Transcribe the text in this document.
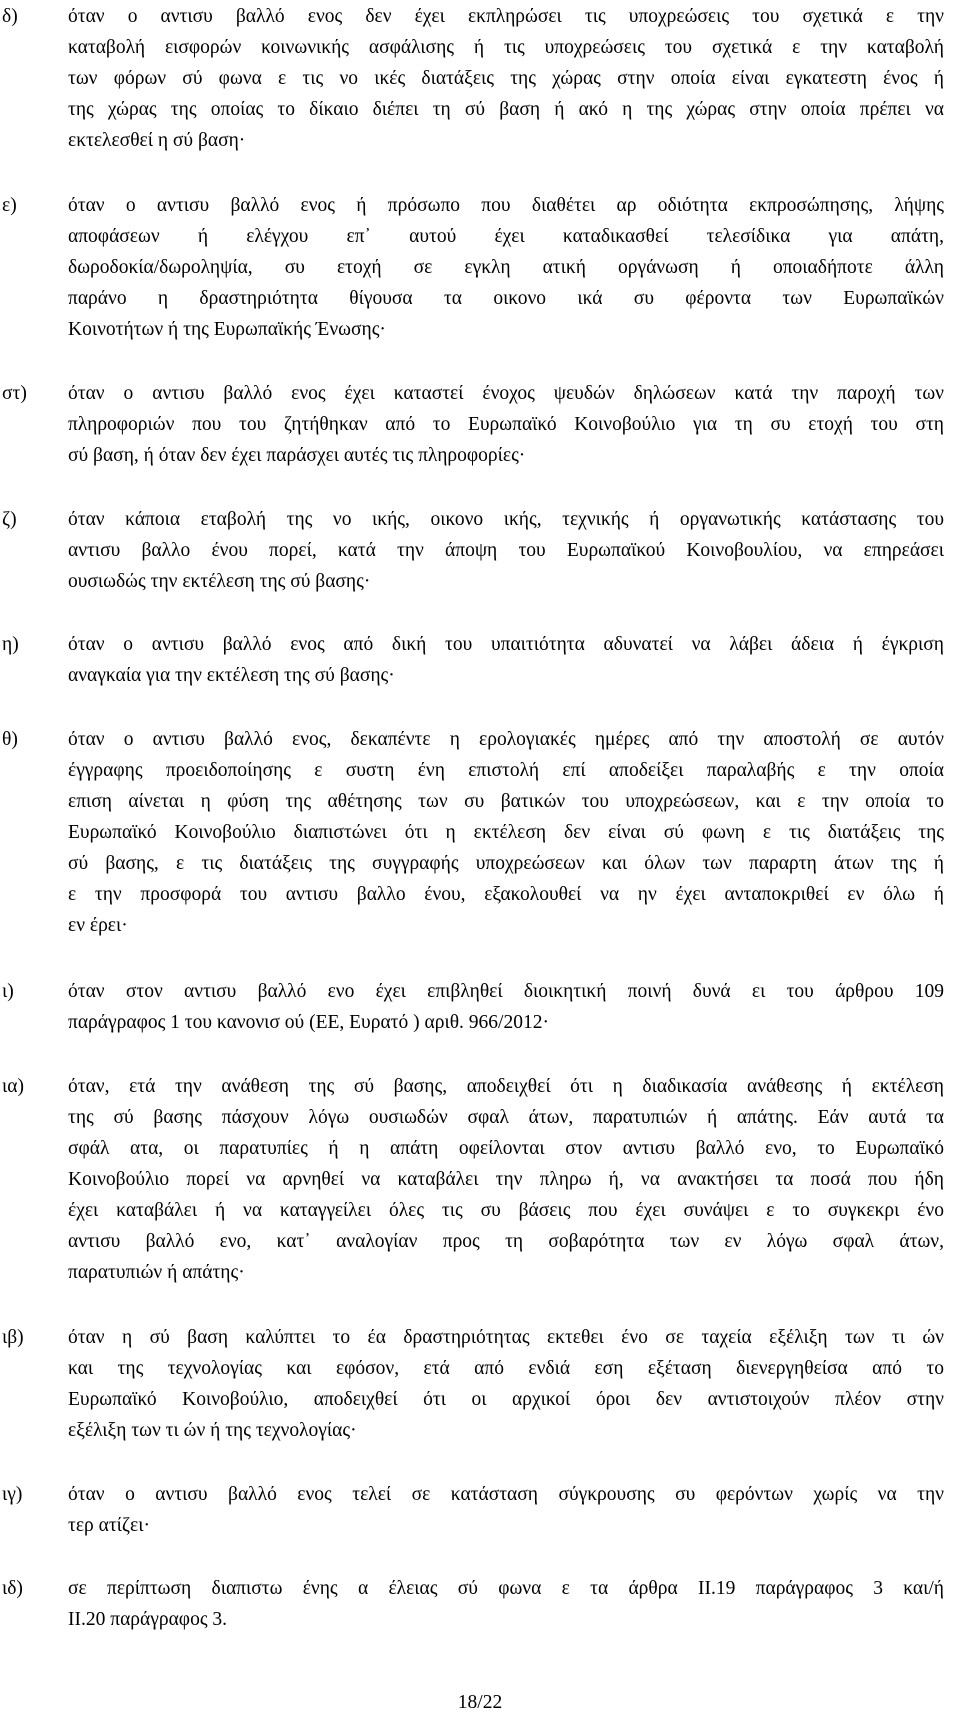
δ)	όταν ο αντισυ βαλλό ενος δεν έχει εκπληρώσει τις υποχρεώσεις του σχετικά ε την
καταβολή εισφορών κοινωνικής ασφάλισης ή τις υποχρεώσεις του σχετικά ε την καταβολή
των φόρων σύ φωνα ε τις νο ικές διατάξεις της χώρας στην οποία είναι εγκατεστη ένος ή
της χώρας της οποίας το δίκαιο διέπει τη σύ βαση ή ακό η της χώρας στην οποία πρέπει να
εκτελεσθεί η σύ βαση·
ε)	όταν ο αντισυ βαλλό ενος ή πρόσωπο που διαθέτει αρ οδιότητα εκπροσώπησης, λήψης
αποφάσεων ή ελέγχου επ᾽ αυτού έχει καταδικασθεί τελεσίδικα για απάτη,
δωροδοκία/δωροληψία, συ ετοχή σε εγκλη ατική οργάνωση ή οποιαδήποτε άλλη
παράνο η δραστηριότητα θίγουσα τα οικονο ικά συ φέροντα των Ευρωπαϊκών
Κοινοτήτων ή της Ευρωπαϊκής Ένωσης·
στ) όταν ο αντισυ βαλλό ενος έχει καταστεί ένοχος ψευδών δηλώσεων κατά την παροχή των
πληροφοριών που του ζητήθηκαν από το Ευρωπαϊκό Κοινοβούλιο για τη συ ετοχή του στη
σύ βαση, ή όταν δεν έχει παράσχει αυτές τις πληροφορίες·
ζ)	όταν κάποια εταβολή της νο ικής, οικονο ικής, τεχνικής ή οργανωτικής κατάστασης του
αντισυ βαλλο ένου πορεί, κατά την άποψη του Ευρωπαϊκού Κοινοβουλίου, να επηρεάσει
ουσιωδώς την εκτέλεση της σύ βασης·
η)	όταν ο αντισυ βαλλό ενος από δική του υπαιτιότητα αδυνατεί να λάβει άδεια ή έγκριση
αναγκαία για την εκτέλεση της σύ βασης·
θ)	όταν ο αντισυ βαλλό ενος, δεκαπέντε η ερολογιακές ημέρες από την αποστολή σε αυτόν
έγγραφης προειδοποίησης ε συστη ένη επιστολή επί αποδείξει παραλαβής ε την οποία
επιση αίνεται η φύση της αθέτησης των συ βατικών του υποχρεώσεων, και ε την οποία το
Ευρωπαϊκό Κοινοβούλιο διαπιστώνει ότι η εκτέλεση δεν είναι σύ φωνη ε τις διατάξεις της
σύ βασης, ε τις διατάξεις της συγγραφής υποχρεώσεων και όλων των παραρτη άτων της ή
ε την προσφορά του αντισυ βαλλο ένου, εξακολουθεί να ην έχει ανταποκριθεί εν όλω ή
εν έρει·
ι)	όταν στον αντισυ βαλλό ενο έχει επιβληθεί διοικητική ποινή δυνά ει του άρθρου 109
παράγραφος 1 του κανονισ ού (ΕΕ, Ευρατό ) αριθ. 966/2012·
ια) όταν, ετά την ανάθεση της σύ βασης, αποδειχθεί ότι η διαδικασία ανάθεσης ή εκτέλεση
της σύ βασης πάσχουν λόγω ουσιωδών σφαλ άτων, παρατυπιών ή απάτης. Εάν αυτά τα
σφάλ ατα, οι παρατυπίες ή η απάτη οφείλονται στον αντισυ βαλλό ενο, το Ευρωπαϊκό
Κοινοβούλιο πορεί να αρνηθεί να καταβάλει την πληρω ή, να ανακτήσει τα ποσά που ήδη
έχει καταβάλει ή να καταγγείλει όλες τις συ βάσεις που έχει συνάψει ε το συγκεκρι ένο
αντισυ βαλλό ενο, κατ᾽ αναλογίαν προς τη σοβαρότητα των εν λόγω σφαλ άτων,
παρατυπιών ή απάτης·
ιβ) όταν η σύ βαση καλύπτει το έα δραστηριότητας εκτεθει ένο σε ταχεία εξέλιξη των τι ών
και της τεχνολογίας και εφόσον, ετά από ενδιά εση εξέταση διενεργηθείσα από το
Ευρωπαϊκό Κοινοβούλιο, αποδειχθεί ότι οι αρχικοί όροι δεν αντιστοιχούν πλέον στην
εξέλιξη των τι ών ή της τεχνολογίας·
ιγ) όταν ο αντισυ βαλλό ενος τελεί σε κατάσταση σύγκρουσης συ φερόντων χωρίς να την
τερ ατίζει·
ιδ) σε περίπτωση διαπιστω ένης α έλειας σύ φωνα ε τα άρθρα II.19 παράγραφος 3 και/ή
II.20 παράγραφος 3.
18/22
